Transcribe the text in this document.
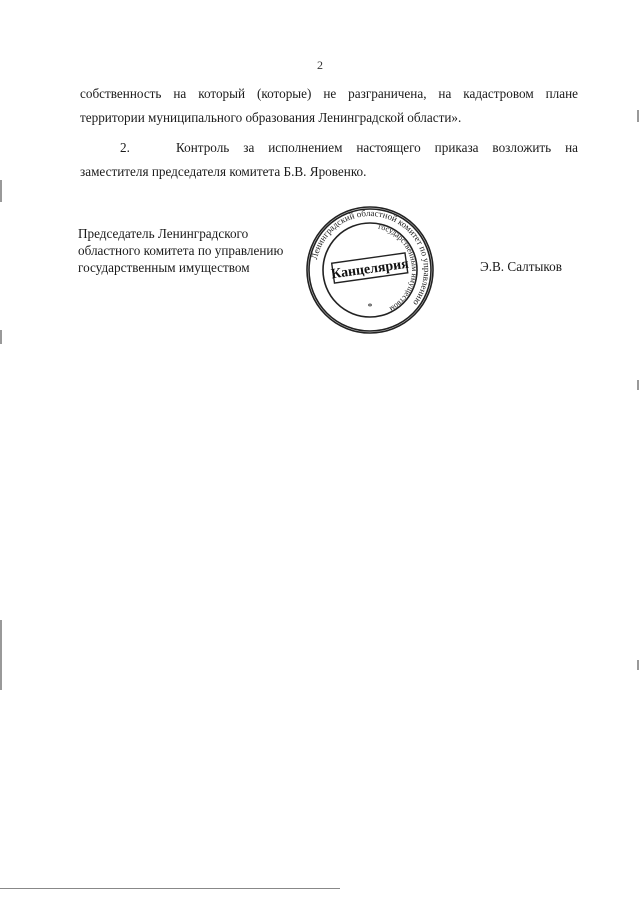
2
собственность на который (которые) не разграничена, на кадастровом плане
территории муниципального образования Ленинградской области».
2.	Контроль за исполнением настоящего приказа возложить на
заместителя председателя комитета Б.В. Яровенко.
Председатель Ленинградского
областного комитета по управлению
государственным имуществом	Э.В. Салтыков
Ленинградский областной комитет по управлению
государственным имуществом
Канцелярия
*
